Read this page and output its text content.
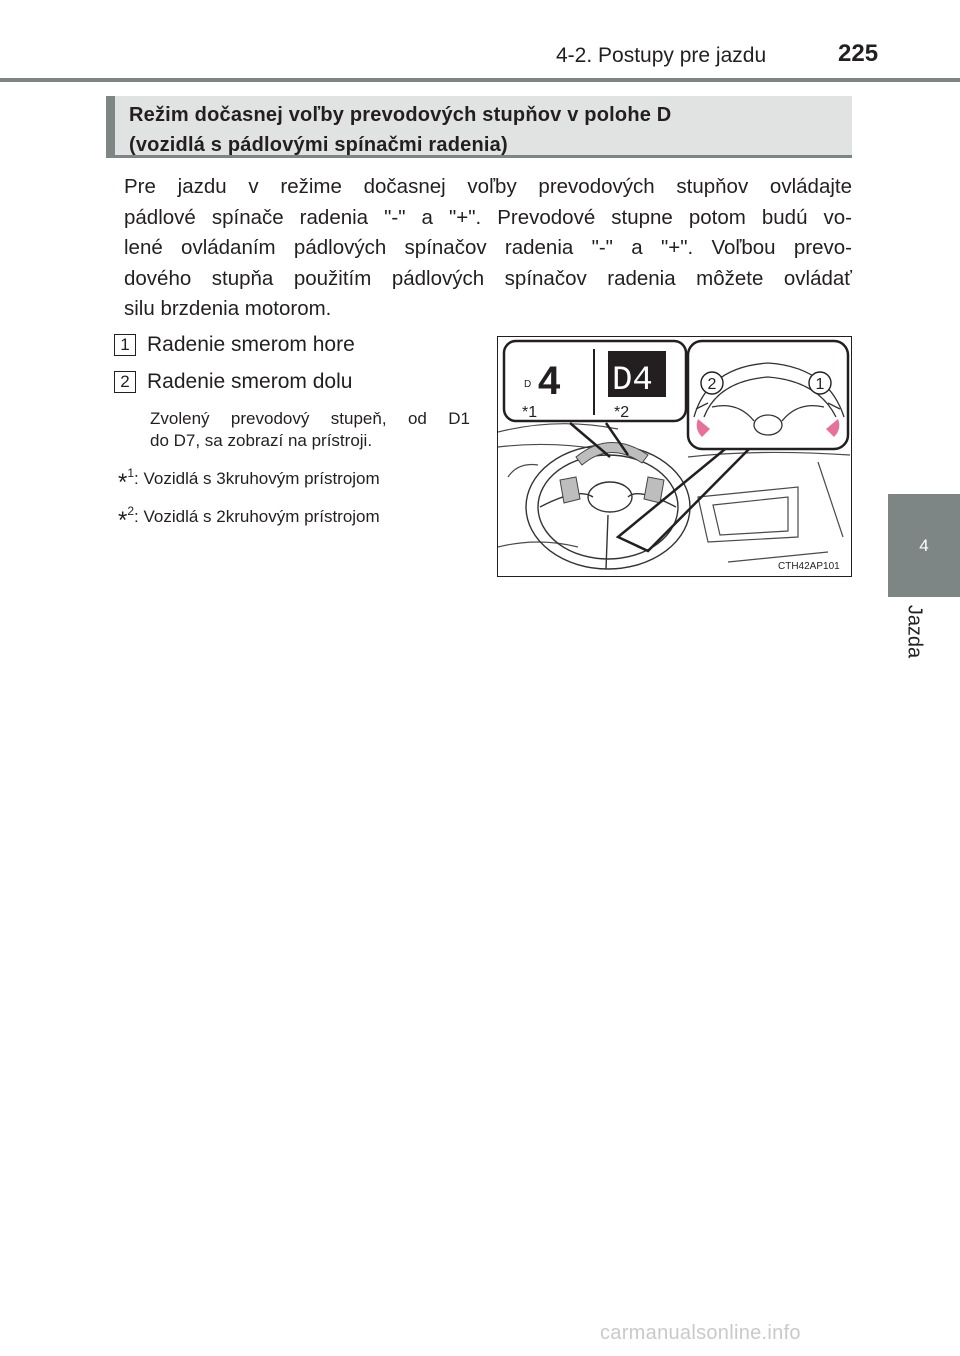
4-2. Postupy pre jazdu	225
Režim dočasnej voľby prevodových stupňov v polohe D
(vozidlá s pádlovými spínačmi radenia)

Pre jazdu v režime dočasnej voľby prevodových stupňov ovládajte
pádlové spínače radenia "-" a "+". Prevodové stupne potom budú vo-
lené ovládaním pádlových spínačov radenia "-" a "+". Voľbou prevo-
dového stupňa použitím pádlových spínačov radenia môžete ovládať
silu brzdenia motorom.

1 Radenie smerom hore
2 Radenie smerom dolu

Zvolený prevodový stupeň, od D1
do D7, sa zobrazí na prístroji.

*$^1$: Vozidlá s 3kruhovým prístrojom
*$^2$: Vozidlá s 2kruhovým prístrojom
D 4
*1
D4
*2
2	1
CTH42AP101
4
Jazda
carmanualsonline.info
